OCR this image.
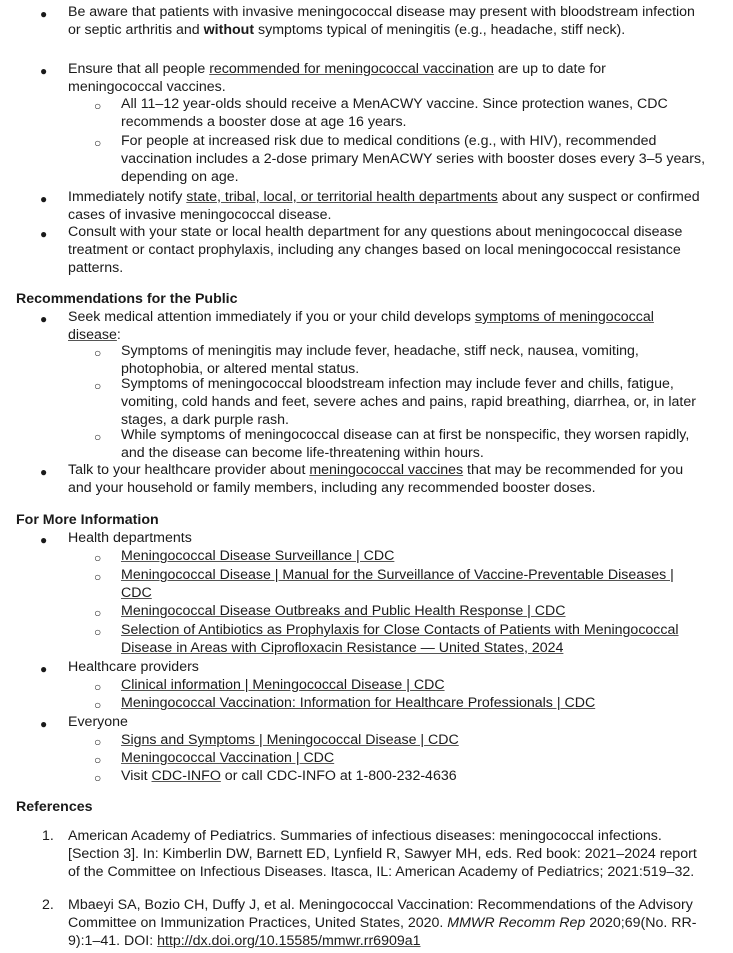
● Be aware that patients with invasive meningococcal disease may present with bloodstream infection or septic arthritis and without symptoms typical of meningitis (e.g., headache, stiff neck).

● Ensure that all people recommended for meningococcal vaccination are up to date for meningococcal vaccines.

○ All 11–12 year-olds should receive a MenACWY vaccine. Since protection wanes, CDC recommends a booster dose at age 16 years.

○ For people at increased risk due to medical conditions (e.g., with HIV), recommended vaccination includes a 2-dose primary MenACWY series with booster doses every 3–5 years, depending on age.

● Immediately notify state, tribal, local, or territorial health departments about any suspect or confirmed cases of invasive meningococcal disease.

● Consult with your state or local health department for any questions about meningococcal disease treatment or contact prophylaxis, including any changes based on local meningococcal resistance patterns.

Recommendations for the Public
● Seek medical attention immediately if you or your child develops symptoms of meningococcal disease:

○ Symptoms of meningitis may include fever, headache, stiff neck, nausea, vomiting, photophobia, or altered mental status.

○ Symptoms of meningococcal bloodstream infection may include fever and chills, fatigue, vomiting, cold hands and feet, severe aches and pains, rapid breathing, diarrhea, or, in later stages, a dark purple rash.

○ While symptoms of meningococcal disease can at first be nonspecific, they worsen rapidly, and the disease can become life-threatening within hours.

● Talk to your healthcare provider about meningococcal vaccines that may be recommended for you and your household or family members, including any recommended booster doses.

For More Information
● Health departments

○ Meningococcal Disease Surveillance | CDC

○ Meningococcal Disease | Manual for the Surveillance of Vaccine-Preventable Diseases | CDC

○ Meningococcal Disease Outbreaks and Public Health Response | CDC

○ Selection of Antibiotics as Prophylaxis for Close Contacts of Patients with Meningococcal Disease in Areas with Ciprofloxacin Resistance — United States, 2024

● Healthcare providers

○ Clinical information | Meningococcal Disease | CDC

○ Meningococcal Vaccination: Information for Healthcare Professionals | CDC

● Everyone

○ Signs and Symptoms | Meningococcal Disease | CDC

○ Meningococcal Vaccination | CDC

○ Visit CDC-INFO or call CDC-INFO at 1-800-232-4636

References
1. American Academy of Pediatrics. Summaries of infectious diseases: meningococcal infections. [Section 3]. In: Kimberlin DW, Barnett ED, Lynfield R, Sawyer MH, eds. Red book: 2021–2024 report of the Committee on Infectious Diseases. Itasca, IL: American Academy of Pediatrics; 2021:519–32.

2. Mbaeyi SA, Bozio CH, Duffy J, et al. Meningococcal Vaccination: Recommendations of the Advisory Committee on Immunization Practices, United States, 2020. MMWR Recomm Rep 2020;69(No. RR-9):1–41. DOI: http://dx.doi.org/10.15585/mmwr.rr6909a1
